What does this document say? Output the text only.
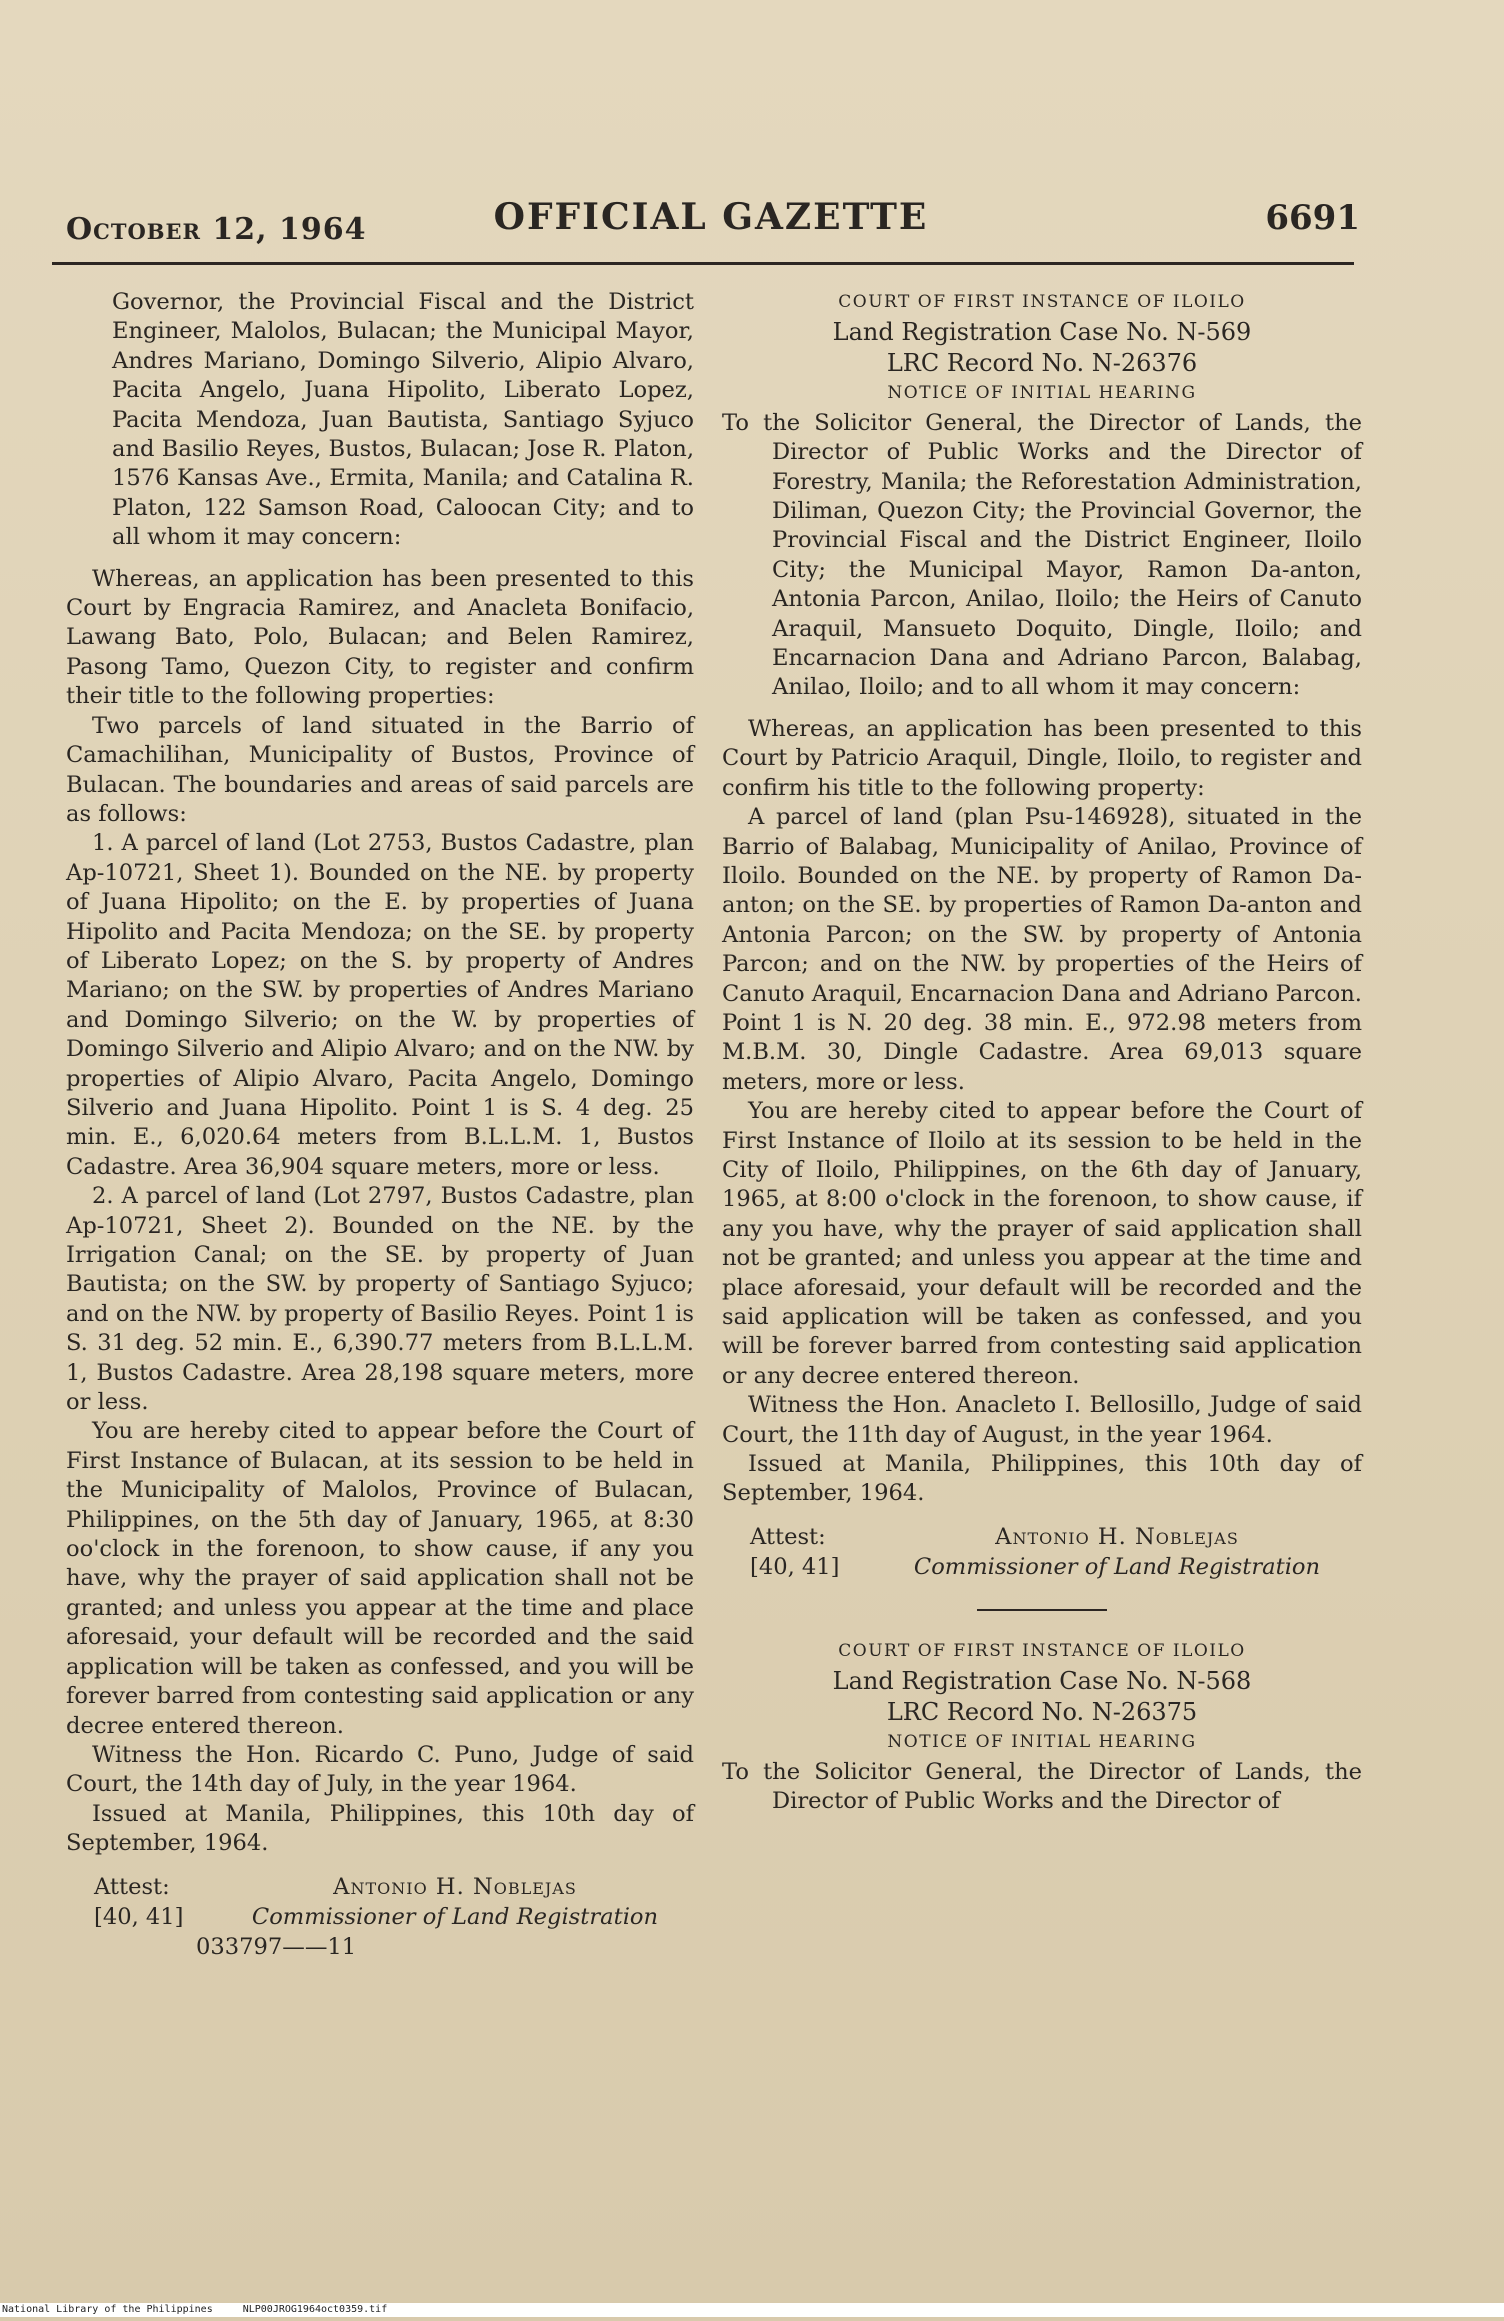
October 12, 1964	OFFICIAL GAZETTE	6691

Governor, the Provincial Fiscal and the District Engineer, Malolos, Bulacan; the Municipal Mayor, Andres Mariano, Domingo Silverio, Alipio Alvaro, Pacita Angelo, Juana Hipolito, Liberato Lopez, Pacita Mendoza, Juan Bautista, Santiago Syjuco and Basilio Reyes, Bustos, Bulacan; Jose R. Platon, 1576 Kansas Ave., Ermita, Manila; and Catalina R. Platon, 122 Samson Road, Caloocan City; and to all whom it may concern:

Whereas, an application has been presented to this Court by Engracia Ramirez, and Anacleta Bonifacio, Lawang Bato, Polo, Bulacan; and Belen Ramirez, Pasong Tamo, Quezon City, to register and confirm their title to the following properties:

Two parcels of land situated in the Barrio of Camachilihan, Municipality of Bustos, Province of Bulacan. The boundaries and areas of said parcels are as follows:

1. A parcel of land (Lot 2753, Bustos Cadastre, plan Ap-10721, Sheet 1). Bounded on the NE. by property of Juana Hipolito; on the E. by properties of Juana Hipolito and Pacita Mendoza; on the SE. by property of Liberato Lopez; on the S. by property of Andres Mariano; on the SW. by properties of Andres Mariano and Domingo Silverio; on the W. by properties of Domingo Silverio and Alipio Alvaro; and on the NW. by properties of Alipio Alvaro, Pacita Angelo, Domingo Silverio and Juana Hipolito. Point 1 is S. 4 deg. 25 min. E., 6,020.64 meters from B.L.L.M. 1, Bustos Cadastre. Area 36,904 square meters, more or less.

2. A parcel of land (Lot 2797, Bustos Cadastre, plan Ap-10721, Sheet 2). Bounded on the NE. by the Irrigation Canal; on the SE. by property of Juan Bautista; on the SW. by property of Santiago Syjuco; and on the NW. by property of Basilio Reyes. Point 1 is S. 31 deg. 52 min. E., 6,390.77 meters from B.L.L.M. 1, Bustos Cadastre. Area 28,198 square meters, more or less.

You are hereby cited to appear before the Court of First Instance of Bulacan, at its session to be held in the Municipality of Malolos, Province of Bulacan, Philippines, on the 5th day of January, 1965, at 8:30 oo'clock in the forenoon, to show cause, if any you have, why the prayer of said application shall not be granted; and unless you appear at the time and place aforesaid, your default will be recorded and the said application will be taken as confessed, and you will be forever barred from contesting said application or any decree entered thereon.

Witness the Hon. Ricardo C. Puno, Judge of said Court, the 14th day of July, in the year 1964.

Issued at Manila, Philippines, this 10th day of September, 1964.

Attest:	Antonio H. Noblejas
[40, 41]	Commissioner of Land Registration

033797——11

COURT OF FIRST INSTANCE OF ILOILO

Land Registration Case No. N-569

LRC Record No. N-26376

NOTICE OF INITIAL HEARING

To the Solicitor General, the Director of Lands, the Director of Public Works and the Director of Forestry, Manila; the Reforestation Administration, Diliman, Quezon City; the Provincial Governor, the Provincial Fiscal and the District Engineer, Iloilo City; the Municipal Mayor, Ramon Da-anton, Antonia Parcon, Anilao, Iloilo; the Heirs of Canuto Araquil, Mansueto Doquito, Dingle, Iloilo; and Encarnacion Dana and Adriano Parcon, Balabag, Anilao, Iloilo; and to all whom it may concern:

Whereas, an application has been presented to this Court by Patricio Araquil, Dingle, Iloilo, to register and confirm his title to the following property:

A parcel of land (plan Psu-146928), situated in the Barrio of Balabag, Municipality of Anilao, Province of Iloilo. Bounded on the NE. by property of Ramon Da-anton; on the SE. by properties of Ramon Da-anton and Antonia Parcon; on the SW. by property of Antonia Parcon; and on the NW. by properties of the Heirs of Canuto Araquil, Encarnacion Dana and Adriano Parcon. Point 1 is N. 20 deg. 38 min. E., 972.98 meters from M.B.M. 30, Dingle Cadastre. Area 69,013 square meters, more or less.

You are hereby cited to appear before the Court of First Instance of Iloilo at its session to be held in the City of Iloilo, Philippines, on the 6th day of January, 1965, at 8:00 o'clock in the forenoon, to show cause, if any you have, why the prayer of said application shall not be granted; and unless you appear at the time and place aforesaid, your default will be recorded and the said application will be taken as confessed, and you will be forever barred from contesting said application or any decree entered thereon.

Witness the Hon. Anacleto I. Bellosillo, Judge of said Court, the 11th day of August, in the year 1964.

Issued at Manila, Philippines, this 10th day of September, 1964.

Attest:	Antonio H. Noblejas
[40, 41]	Commissioner of Land Registration

COURT OF FIRST INSTANCE OF ILOILO

Land Registration Case No. N-568

LRC Record No. N-26375

NOTICE OF INITIAL HEARING

To the Solicitor General, the Director of Lands, the Director of Public Works and the Director of

National Library of the Philippines	NLP00JROG1964oct0359.tif
